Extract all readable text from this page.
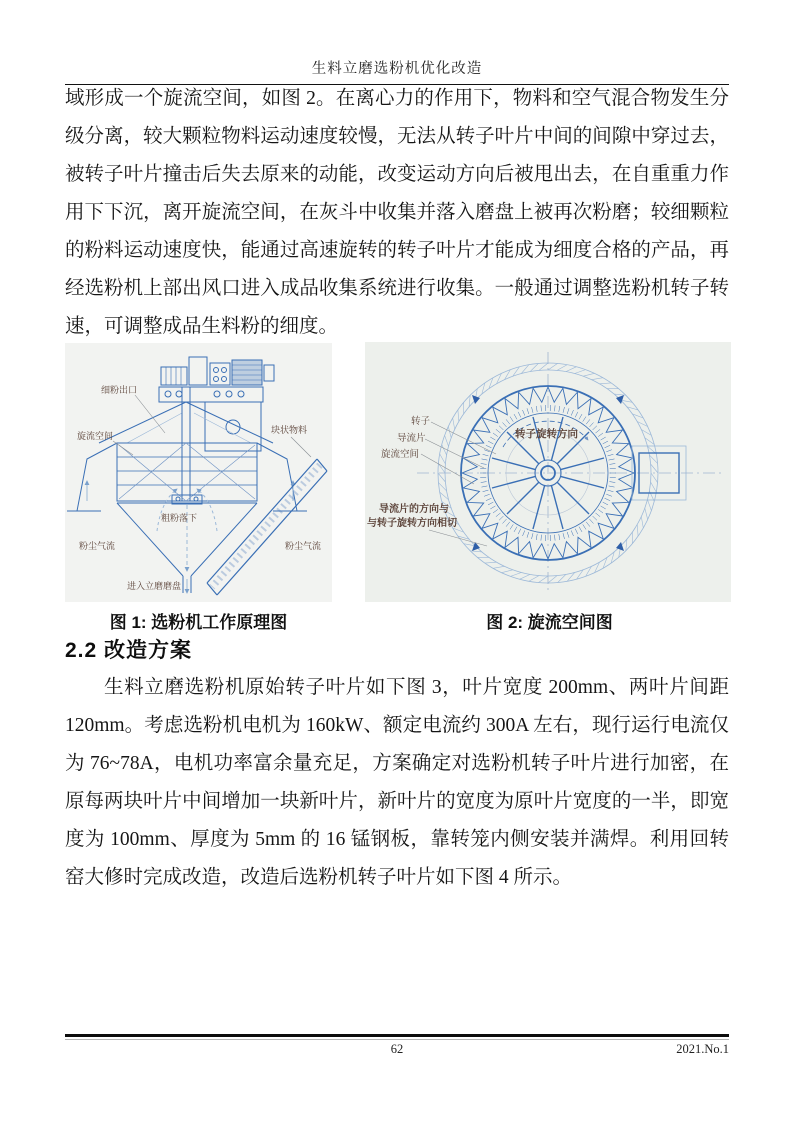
生料立磨选粉机优化改造
域形成一个旋流空间，如图 2。在离心力的作用下，物料和空气混合物发生分级分离，较大颗粒物料运动速度较慢，无法从转子叶片中间的间隙中穿过去，被转子叶片撞击后失去原来的动能，改变运动方向后被甩出去，在自重重力作用下下沉，离开旋流空间，在灰斗中收集并落入磨盘上被再次粉磨；较细颗粒的粉料运动速度快，能通过高速旋转的转子叶片才能成为细度合格的产品，再经选粉机上部出风口进入成品收集系统进行收集。一般通过调整选粉机转子转速，可调整成品生料粉的细度。
细粉出口
旋流空间
块状物料
粗粉落下
粉尘气流	粉尘气流
进入立磨磨盘
转子
导流片
旋流空间
转子旋转方向
导流片的方向与
与转子旋转方向相切
图 1: 选粉机工作原理图	图 2: 旋流空间图
2.2 改造方案
生料立磨选粉机原始转子叶片如下图 3，叶片宽度 200mm、两叶片间距 120mm。考虑选粉机电机为 160kW、额定电流约 300A 左右，现行运行电流仅为 76~78A，电机功率富余量充足，方案确定对选粉机转子叶片进行加密，在原每两块叶片中间增加一块新叶片，新叶片的宽度为原叶片宽度的一半，即宽度为 100mm、厚度为 5mm 的 16 锰钢板，靠转笼内侧安装并满焊。利用回转窑大修时完成改造，改造后选粉机转子叶片如下图 4 所示。
62	2021.No.1
